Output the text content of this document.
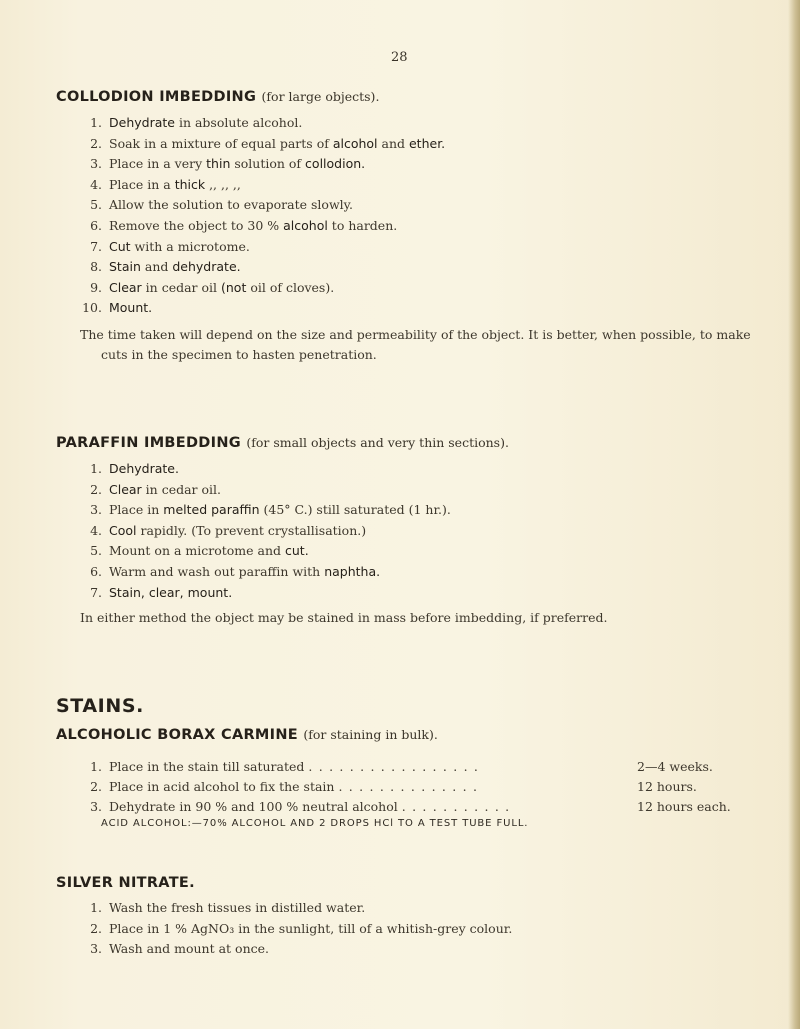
28
COLLODION IMBEDDING (for large objects).
1. Dehydrate in absolute alcohol.
2. Soak in a mixture of equal parts of alcohol and ether.
3. Place in a very thin solution of collodion.
4. Place in a thick ,, ,, ,,
5. Allow the solution to evaporate slowly.
6. Remove the object to 30 % alcohol to harden.
7. Cut with a microtome.
8. Stain and dehydrate.
9. Clear in cedar oil (not oil of cloves).
10. Mount.
The time taken will depend on the size and permeability of the object. It is better, when possible, to make
cuts in the specimen to hasten penetration.
PARAFFIN IMBEDDING (for small objects and very thin sections).
1. Dehydrate.
2. Clear in cedar oil.
3. Place in melted paraffin (45° C.) still saturated (1 hr.).
4. Cool rapidly. (To prevent crystallisation.)
5. Mount on a microtome and cut.
6. Warm and wash out paraffin with naphtha.
7. Stain, clear, mount.
In either method the object may be stained in mass before imbedding, if preferred.
STAINS.
ALCOHOLIC BORAX CARMINE (for staining in bulk).
1. Place in the stain till saturated . . . . . . . . . . . . . . . . .	2—4 weeks.
2. Place in acid alcohol to fix the stain . . . . . . . . . . . . . .	12 hours.
3. Dehydrate in 90 % and 100 % neutral alcohol . . . . . . . . . . .	12 hours each.
ACID ALCOHOL:—70% ALCOHOL AND 2 DROPS HCl TO A TEST TUBE FULL.
SILVER NITRATE.
1. Wash the fresh tissues in distilled water.
2. Place in 1 % AgNO₃ in the sunlight, till of a whitish-grey colour.
3. Wash and mount at once.
